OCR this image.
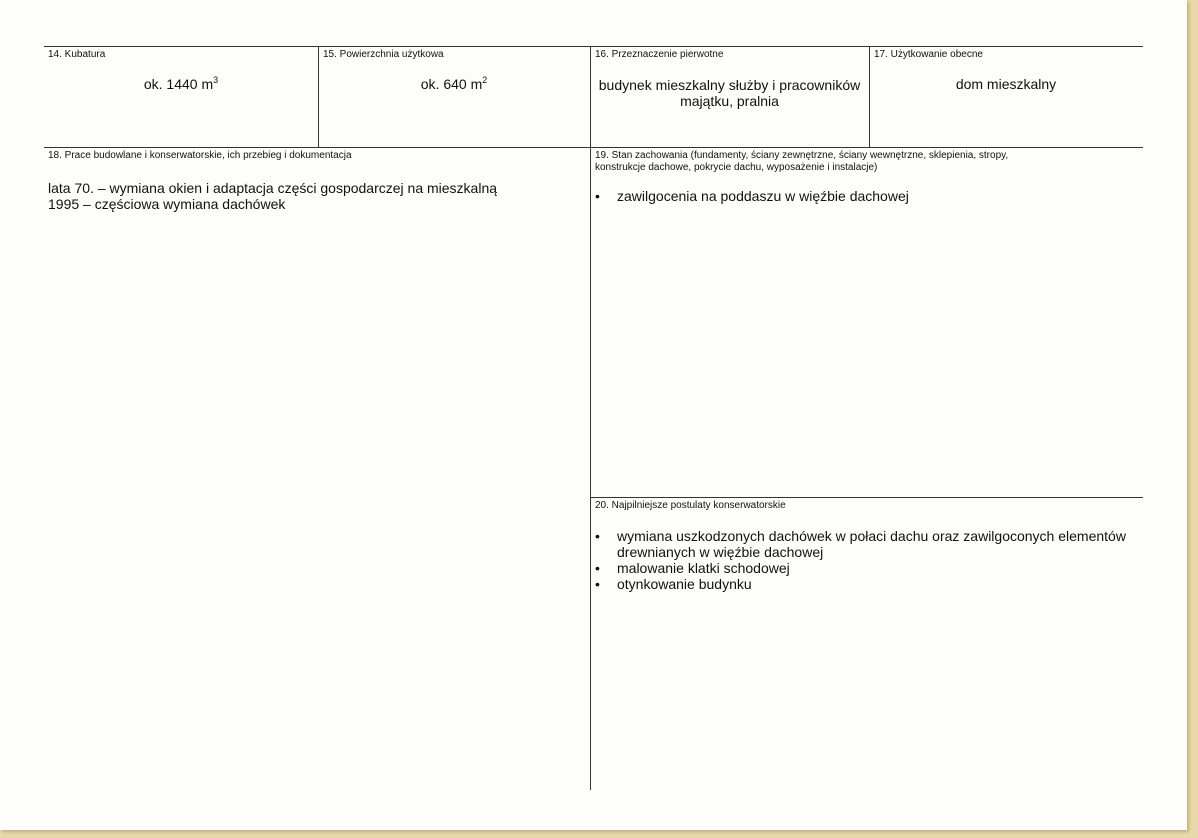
14. Kubatura
ok. 1440 $m^3$
15. Powierzchnia użytkowa
ok. 640 $m^2$
16. Przeznaczenie pierwotne
budynek mieszkalny służby i pracowników
majątku, pralnia
17. Użytkowanie obecne
dom mieszkalny
18. Prace budowlane i konserwatorskie, ich przebieg i dokumentacja
lata 70. – wymiana okien i adaptacja części gospodarczej na mieszkalną
1995 – częściowa wymiana dachówek
19. Stan zachowania (fundamenty, ściany zewnętrzne, ściany wewnętrzne, sklepienia, stropy,
konstrukcje dachowe, pokrycie dachu, wyposażenie i instalacje)
• zawilgocenia na poddaszu w więźbie dachowej
20. Najpilniejsze postulaty konserwatorskie
• wymiana uszkodzonych dachówek w połaci dachu oraz zawilgoconych elementów
drewnianych w więźbie dachowej
• malowanie klatki schodowej
• otynkowanie budynku
